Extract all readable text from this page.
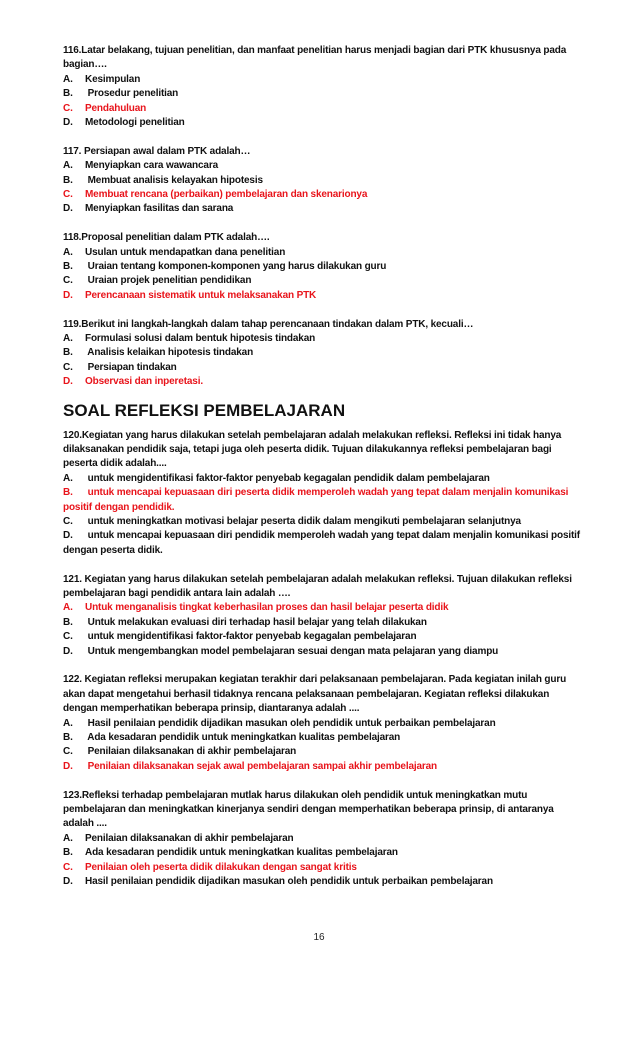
116.Latar belakang, tujuan penelitian, dan manfaat penelitian harus menjadi bagian dari PTK khususnya pada bagian….
A. Kesimpulan
B. Prosedur penelitian
C. Pendahuluan
D. Metodologi penelitian
117. Persiapan awal dalam PTK adalah…
A. Menyiapkan cara wawancara
B. Membuat analisis kelayakan hipotesis
C. Membuat rencana (perbaikan) pembelajaran dan skenarionya
D. Menyiapkan fasilitas dan sarana
118.Proposal penelitian dalam PTK adalah….
A. Usulan untuk mendapatkan dana penelitian
B. Uraian tentang komponen-komponen yang harus dilakukan guru
C. Uraian projek penelitian pendidikan
D. Perencanaan sistematik untuk melaksanakan PTK
119.Berikut ini langkah-langkah dalam tahap perencanaan tindakan dalam PTK, kecuali…
A. Formulasi solusi dalam bentuk hipotesis tindakan
B. Analisis kelaikan hipotesis tindakan
C. Persiapan tindakan
D. Observasi dan inperetasi.
SOAL REFLEKSI PEMBELAJARAN
120.Kegiatan yang harus dilakukan setelah pembelajaran adalah melakukan refleksi. Refleksi ini tidak hanya dilaksanakan pendidik saja, tetapi juga oleh peserta didik. Tujuan dilakukannya refleksi pembelajaran bagi peserta didik adalah....
A. untuk mengidentifikasi faktor-faktor penyebab kegagalan pendidik dalam pembelajaran
B. untuk mencapai kepuasaan diri peserta didik memperoleh wadah yang tepat dalam menjalin komunikasi positif dengan pendidik.
C. untuk meningkatkan motivasi belajar peserta didik dalam mengikuti pembelajaran selanjutnya
D. untuk mencapai kepuasaan diri pendidik memperoleh wadah yang tepat dalam menjalin komunikasi positif dengan peserta didik.
121. Kegiatan yang harus dilakukan setelah pembelajaran adalah melakukan refleksi. Tujuan dilakukan refleksi pembelajaran bagi pendidik antara lain adalah ….
A. Untuk menganalisis tingkat keberhasilan proses dan hasil belajar peserta didik
B. Untuk melakukan evaluasi diri terhadap hasil belajar yang telah dilakukan
C. untuk mengidentifikasi faktor-faktor penyebab kegagalan pembelajaran
D. Untuk mengembangkan model pembelajaran sesuai dengan mata pelajaran yang diampu
122. Kegiatan refleksi merupakan kegiatan terakhir dari pelaksanaan pembelajaran. Pada kegiatan inilah guru akan dapat mengetahui berhasil tidaknya rencana pelaksanaan pembelajaran. Kegiatan refleksi dilakukan dengan memperhatikan beberapa prinsip, diantaranya adalah ....
A. Hasil penilaian pendidik dijadikan masukan oleh pendidik untuk perbaikan pembelajaran
B. Ada kesadaran pendidik untuk meningkatkan kualitas pembelajaran
C. Penilaian dilaksanakan di akhir pembelajaran
D. Penilaian dilaksanakan sejak awal pembelajaran sampai akhir pembelajaran
123.Refleksi terhadap pembelajaran mutlak harus dilakukan oleh pendidik untuk meningkatkan mutu pembelajaran dan meningkatkan kinerjanya sendiri dengan memperhatikan beberapa prinsip, di antaranya adalah ....
A. Penilaian dilaksanakan di akhir pembelajaran
B. Ada kesadaran pendidik untuk meningkatkan kualitas pembelajaran
C. Penilaian oleh peserta didik dilakukan dengan sangat kritis
D. Hasil penilaian pendidik dijadikan masukan oleh pendidik untuk perbaikan pembelajaran
16
